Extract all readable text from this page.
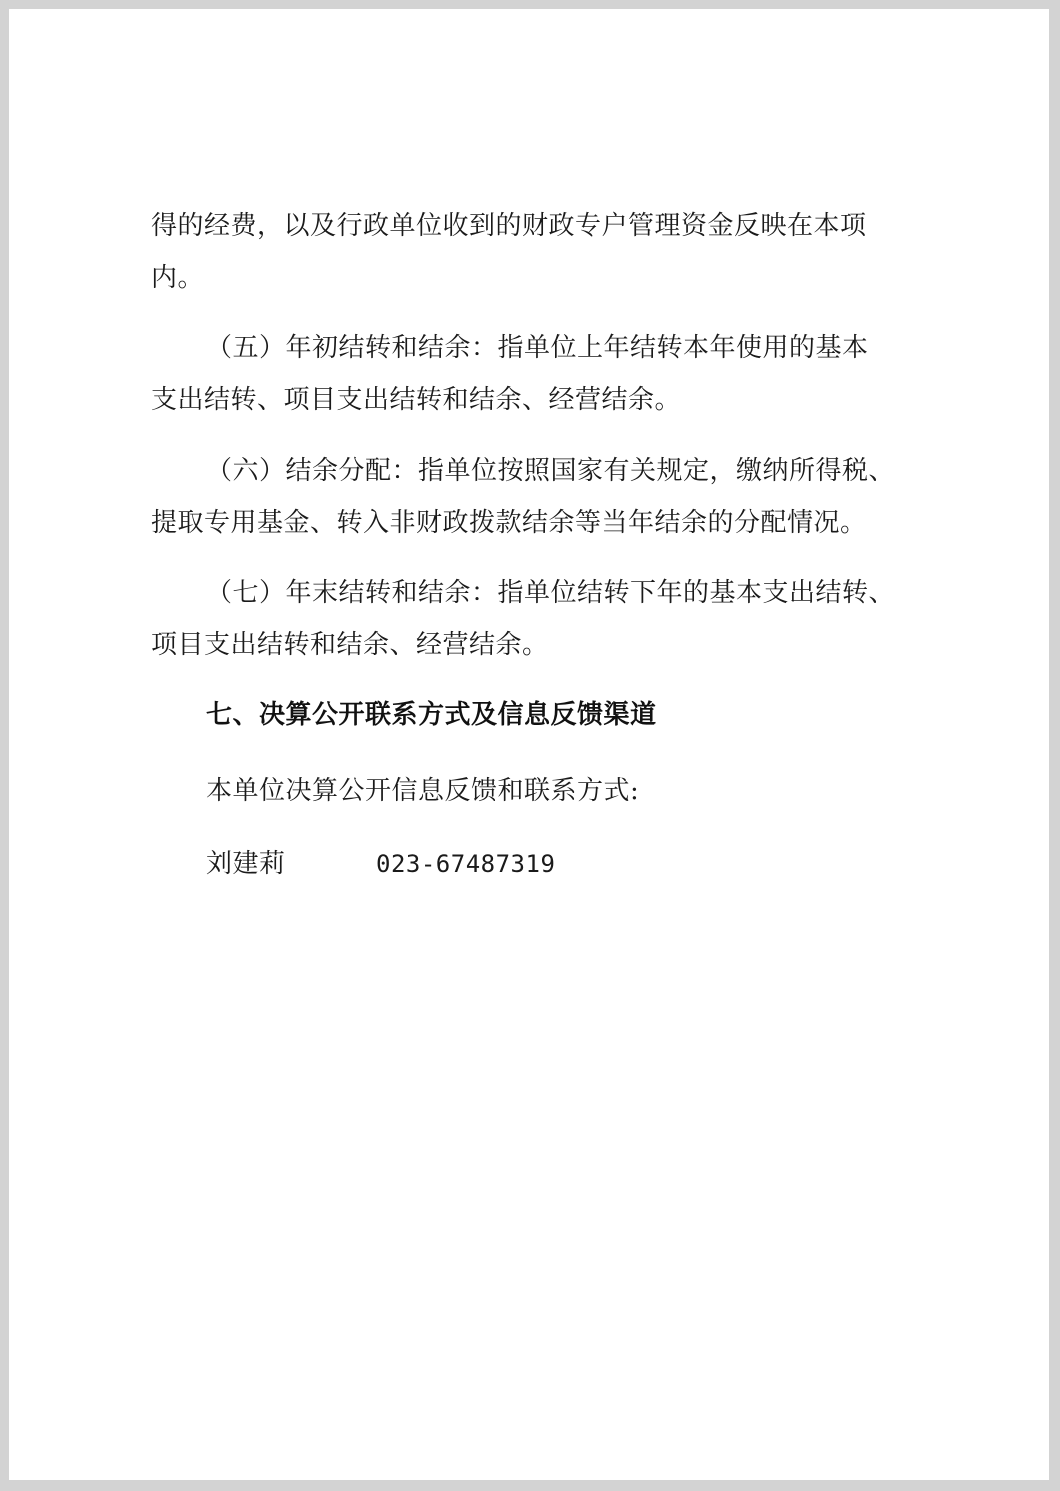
得的经费，以及行政单位收到的财政专户管理资金反映在本项
内。
（五）年初结转和结余：指单位上年结转本年使用的基本
支出结转、项目支出结转和结余、经营结余。
（六）结余分配：指单位按照国家有关规定，缴纳所得税、
提取专用基金、转入非财政拨款结余等当年结余的分配情况。
（七）年末结转和结余：指单位结转下年的基本支出结转、
项目支出结转和结余、经营结余。
七、决算公开联系方式及信息反馈渠道
本单位决算公开信息反馈和联系方式:
刘建莉	023-67487319
